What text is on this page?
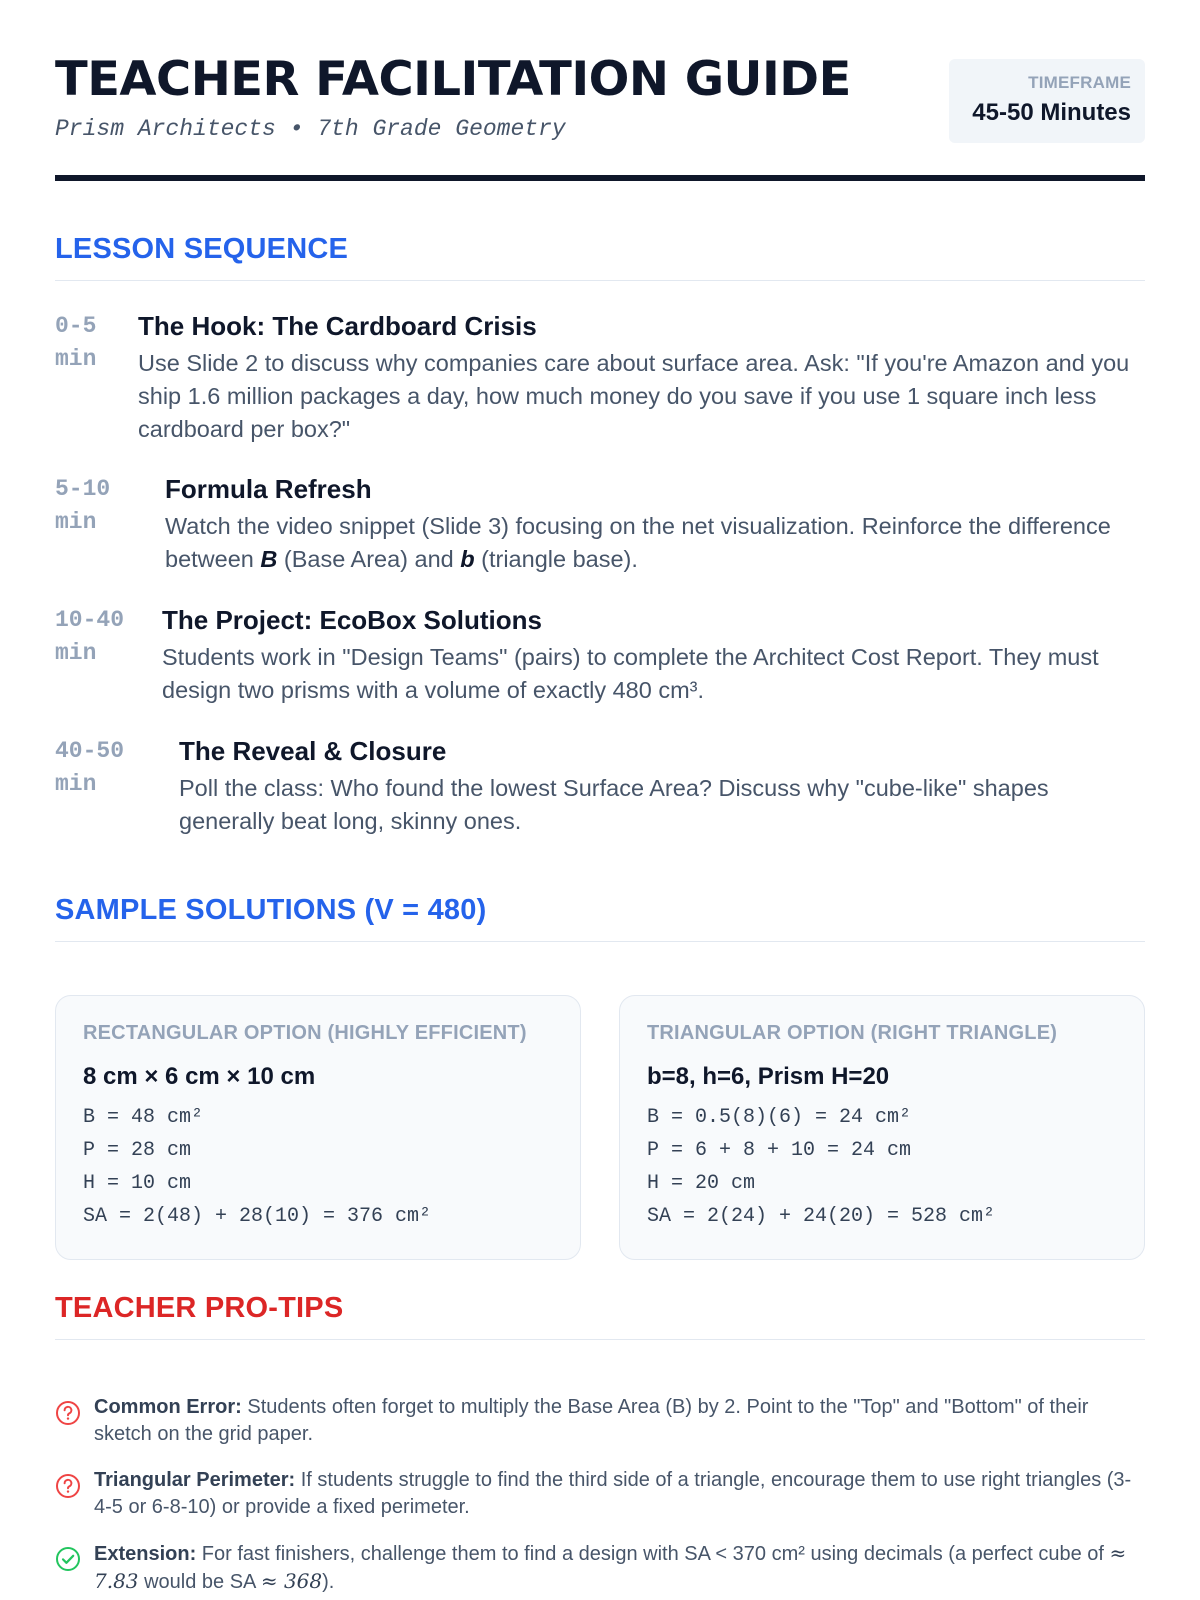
TEACHER FACILITATION GUIDE
Prism Architects • 7th Grade Geometry
TIMEFRAME
45-50 Minutes
LESSON SEQUENCE
0-5
min
The Hook: The Cardboard Crisis
Use Slide 2 to discuss why companies care about surface area. Ask: "If you're Amazon and you ship 1.6 million packages a day, how much money do you save if you use 1 square inch less cardboard per box?"
5-10
min
Formula Refresh
Watch the video snippet (Slide 3) focusing on the net visualization. Reinforce the difference between B (Base Area) and b (triangle base).
10-40
min
The Project: EcoBox Solutions
Students work in "Design Teams" (pairs) to complete the Architect Cost Report. They must design two prisms with a volume of exactly 480 cm³.
40-50
min
The Reveal & Closure
Poll the class: Who found the lowest Surface Area? Discuss why "cube-like" shapes generally beat long, skinny ones.
SAMPLE SOLUTIONS (V = 480)
RECTANGULAR OPTION (HIGHLY EFFICIENT)
8 cm × 6 cm × 10 cm
B = 48 cm²
P = 28 cm
H = 10 cm
SA = 2(48) + 28(10) = 376 cm²
TRIANGULAR OPTION (RIGHT TRIANGLE)
b=8, h=6, Prism H=20
B = 0.5(8)(6) = 24 cm²
P = 6 + 8 + 10 = 24 cm
H = 20 cm
SA = 2(24) + 24(20) = 528 cm²
TEACHER PRO-TIPS
Common Error: Students often forget to multiply the Base Area (B) by 2. Point to the "Top" and "Bottom" of their sketch on the grid paper.
Triangular Perimeter: If students struggle to find the third side of a triangle, encourage them to use right triangles (3-4-5 or 6-8-10) or provide a fixed perimeter.
Extension: For fast finishers, challenge them to find a design with SA < 370 cm² using decimals (a perfect cube of ≈ 7.83 would be SA ≈ 368).
